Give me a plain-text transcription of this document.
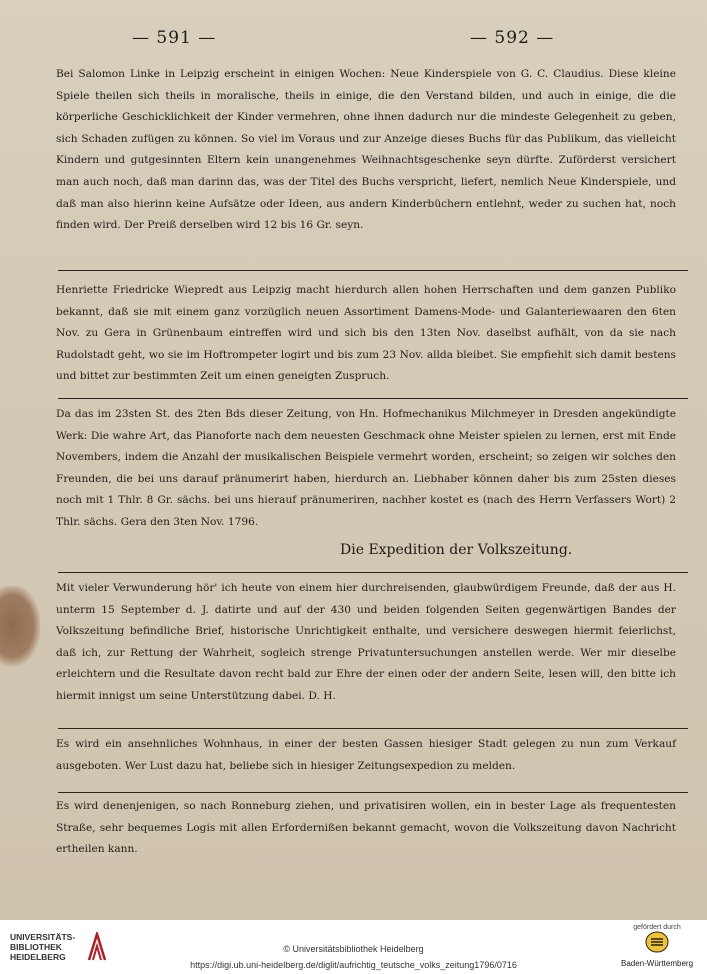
— 591 —	— 592 —
Bei Salomon Linke in Leipzig erscheint in einigen Wochen: Neue Kinderspiele von G. C. Claudius. Diese kleine Spiele theilen sich theils in moralische, theils in einige, die den Verstand bilden, und auch in einige, die die körperliche Geschicklichkeit der Kinder vermehren, ohne ihnen dadurch nur die mindeste Gelegenheit zu geben, sich Schaden zufügen zu können. So viel im Voraus und zur Anzeige dieses Buchs für das Publikum, das vielleicht Kindern und gutgesinnten Eltern kein unangenehmes Weihnachtsgeschenke seyn dürfte. Zuförderst versichert man auch noch, daß man darinn das, was der Titel des Buchs verspricht, liefert, nemlich Neue Kinderspiele, und daß man also hierinn keine Aufsätze oder Ideen, aus andern Kinderbüchern entlehnt, weder zu suchen hat, noch finden wird. Der Preiß derselben wird 12 bis 16 Gr. seyn.
Henriette Friedricke Wiepredt aus Leipzig macht hierdurch allen hohen Herrschaften und dem ganzen Publiko bekannt, daß sie mit einem ganz vorzüglich neuen Assortiment Damens-Mode- und Galanteriewaaren den 6ten Nov. zu Gera in Grünenbaum eintreffen wird und sich bis den 13ten Nov. daselbst aufhält, von da sie nach Rudolstadt geht, wo sie im Hoftrompeter logirt und bis zum 23 Nov. allda bleibet. Sie empfiehlt sich damit bestens und bittet zur bestimmten Zeit um einen geneigten Zuspruch.
Da das im 23sten St. des 2ten Bds dieser Zeitung, von Hn. Hofmechanikus Milchmeyer in Dresden angekündigte Werk: Die wahre Art, das Pianoforte nach dem neuesten Geschmack ohne Meister spielen zu lernen, erst mit Ende Novembers, indem die Anzahl der musikalischen Beispiele vermehrt worden, erscheint; so zeigen wir solches den Freunden, die bei uns darauf pränumerirt haben, hierdurch an. Liebhaber können daher bis zum 25sten dieses noch mit 1 Thlr. 8 Gr. sächs. bei uns hierauf pränumeriren, nachher kostet es (nach des Herrn Verfassers Wort) 2 Thlr. sächs. Gera den 3ten Nov. 1796.
Die Expedition der Volkszeitung.
Mit vieler Verwunderung hör' ich heute von einem hier durchreisenden, glaubwürdigem Freunde, daß der aus H. unterm 15 September d. J. datirte und auf der 430 und beiden folgenden Seiten gegenwärtigen Bandes der Volkszeitung befindliche Brief, historische Unrichtigkeit enthalte, und versichere deswegen hiermit feierlichst, daß ich, zur Rettung der Wahrheit, sogleich strenge Privatuntersuchungen anstellen werde. Wer mir dieselbe erleichtern und die Resultate davon recht bald zur Ehre der einen oder der andern Seite, lesen will, den bitte ich hiermit innigst um seine Unterstützung dabei. D. H.
Es wird ein ansehnliches Wohnhaus, in einer der besten Gassen hiesiger Stadt gelegen zu nun zum Verkauf ausgeboten. Wer Lust dazu hat, beliebe sich in hiesiger Zeitungsexpedion zu melden.
Es wird denenjenigen, so nach Ronneburg ziehen, und privatisiren wollen, ein in bester Lage als frequentesten Straße, sehr bequemes Logis mit allen Erfordernißen bekannt gemacht, wovon die Volkszeitung davon Nachricht ertheilen kann.
UNIVERSITÄTS-BIBLIOTHEK HEIDELBERG
© Universitätsbibliothek Heidelberg
https://digi.ub.uni-heidelberg.de/diglit/aufrichtig_teutsche_volks_zeitung1796/0716
gefördert durch
Baden-Württemberg
